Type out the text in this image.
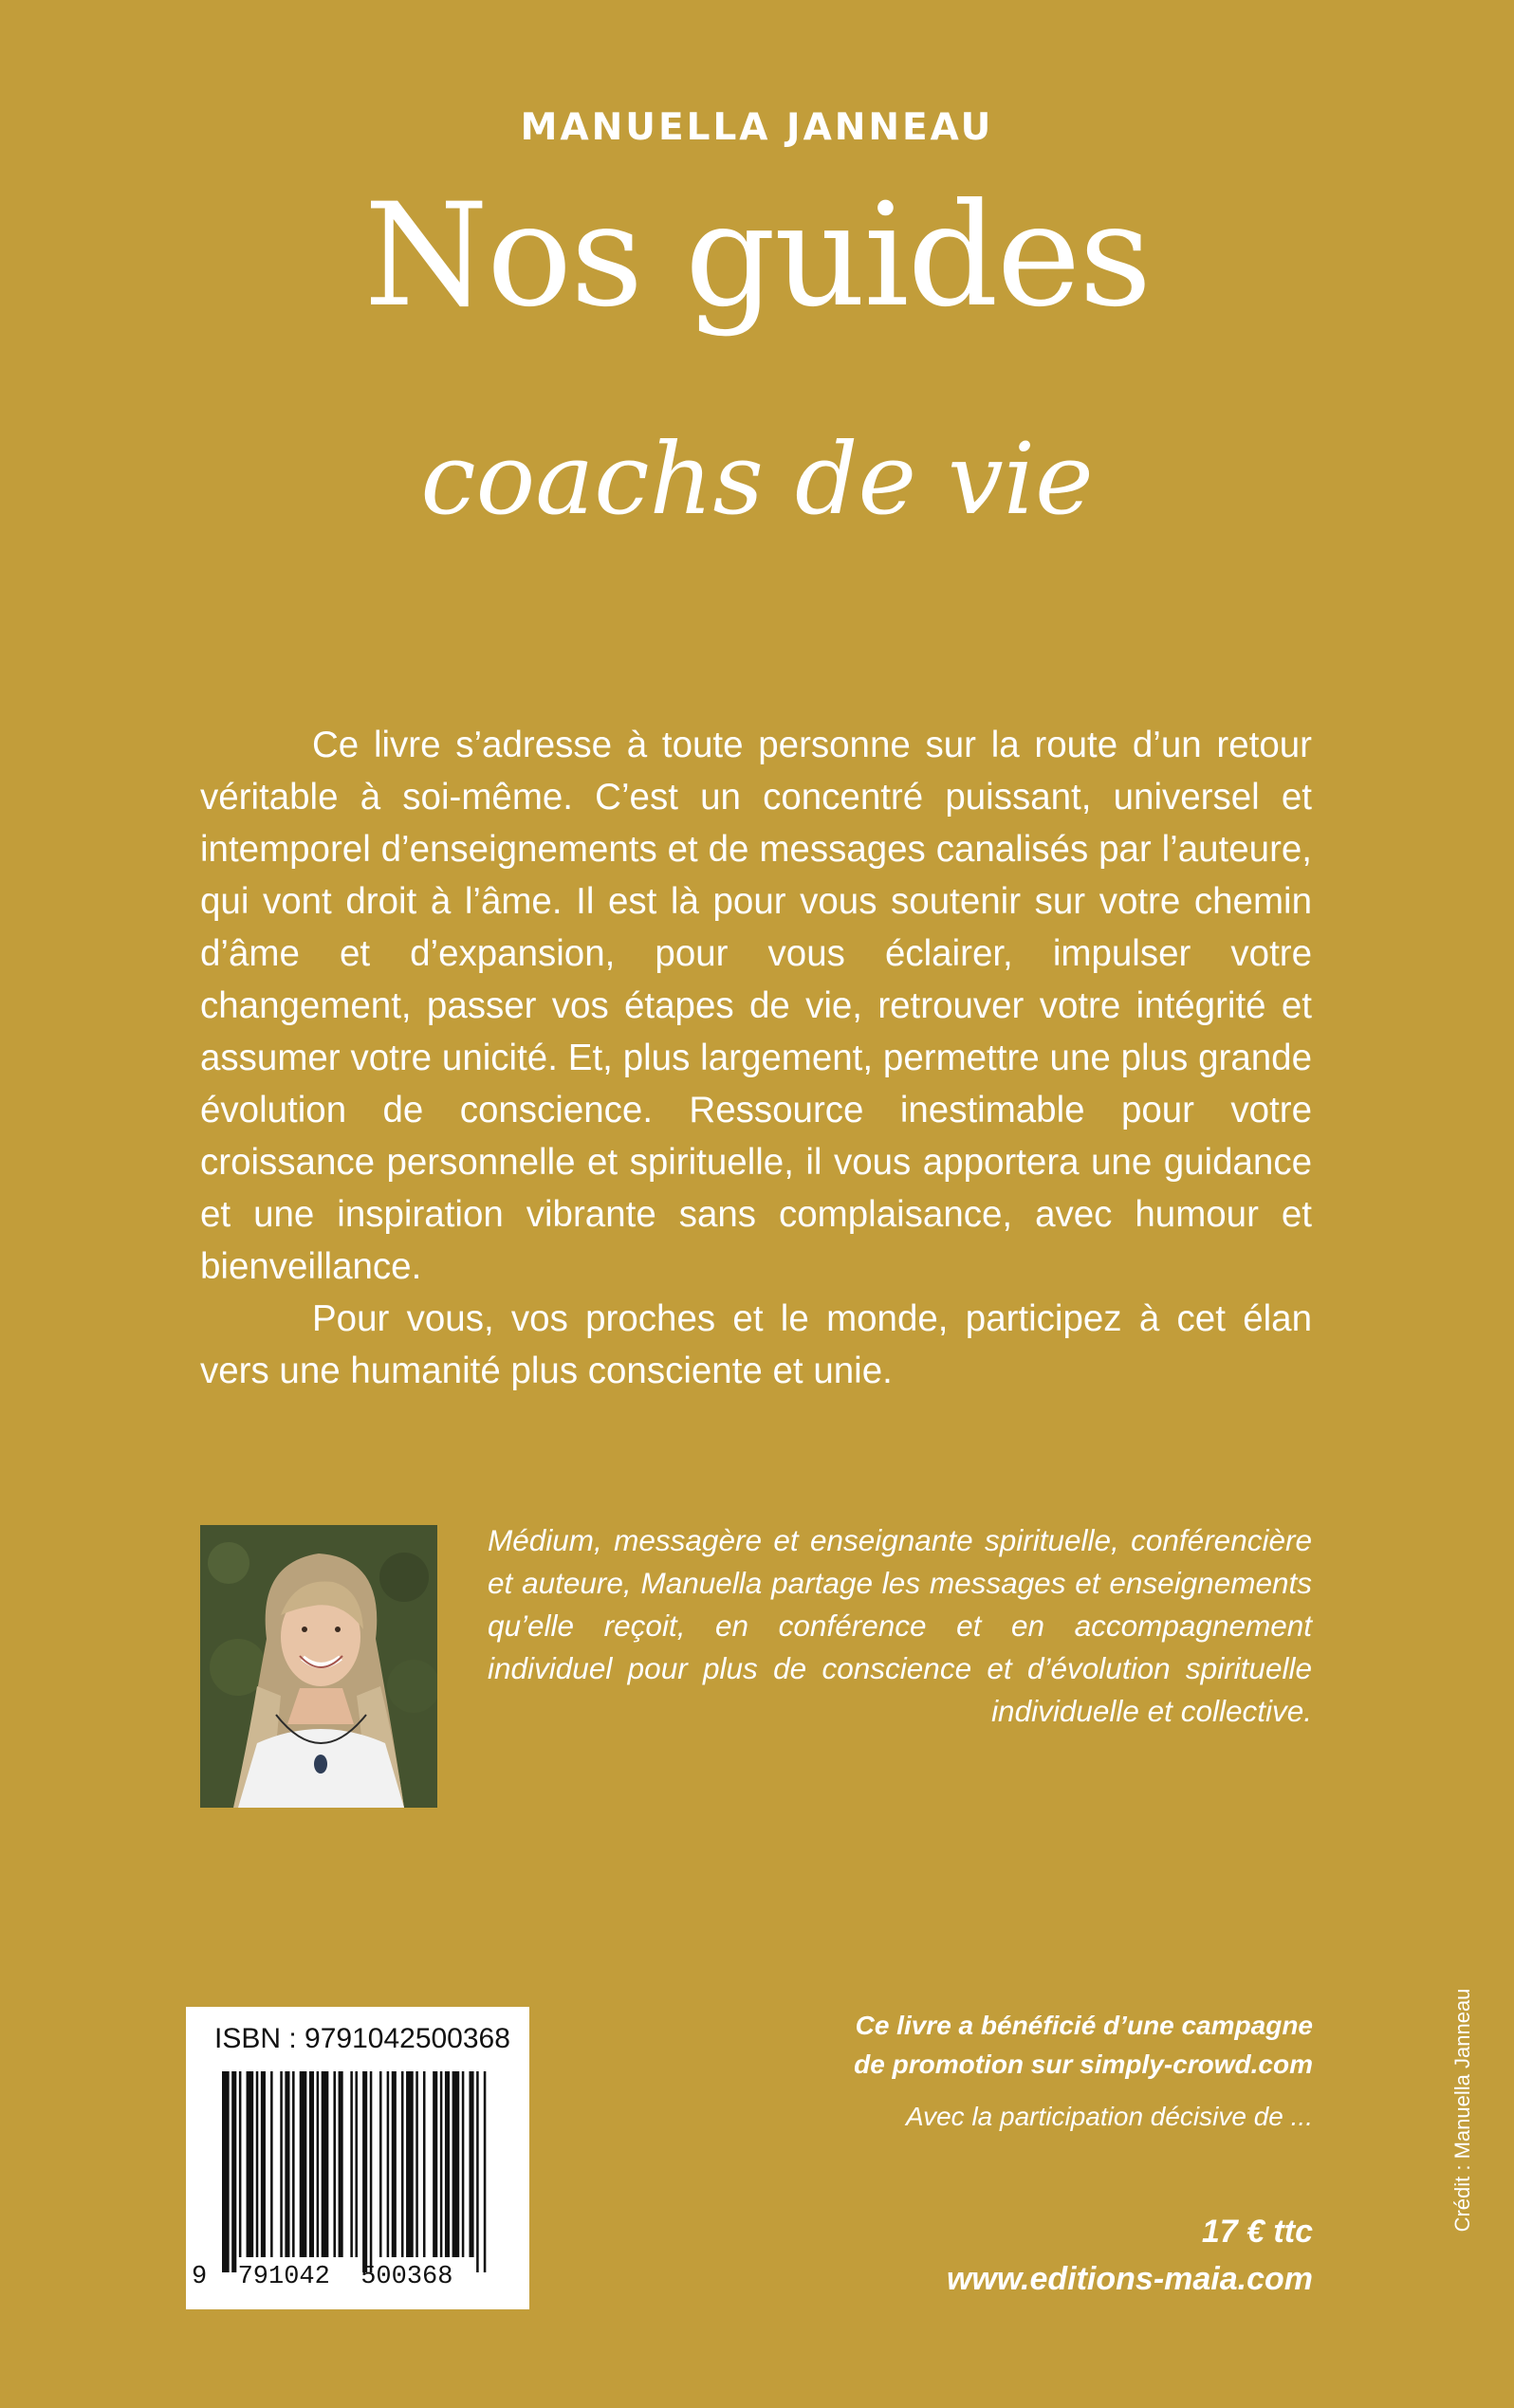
MANUELLA JANNEAU
Nos guides
coachs de vie

Ce livre s’adresse à toute personne sur la route d’un retour véritable à soi-même. C’est un concentré puissant, universel et intemporel d’enseignements et de messages canalisés par l’auteure, qui vont droit à l’âme. Il est là pour vous soutenir sur votre chemin d’âme et d’expansion, pour vous éclairer, impulser votre changement, passer vos étapes de vie, retrouver votre intégrité et assumer votre unicité. Et, plus largement, permettre une plus grande évolution de conscience. Ressource inestimable pour votre croissance personnelle et spirituelle, il vous apportera une guidance et une inspiration vibrante sans complaisance, avec humour et bienveillance.

Pour vous, vos proches et le monde, participez à cet élan vers une humanité plus consciente et unie.

Médium, messagère et enseignante spirituelle, conférencière et auteure, Manuella partage les messages et enseignements qu’elle reçoit, en conférence et en accompagnement individuel pour plus de conscience et d’évolution spirituelle individuelle et collective.
ISBN : 9791042500368
9  791042  500368
Ce livre a bénéficié d’une campagne
de promotion sur simply-crowd.com
Avec la participation décisive de ...
17 € ttc
www.editions-maia.com
Crédit : Manuella Janneau
